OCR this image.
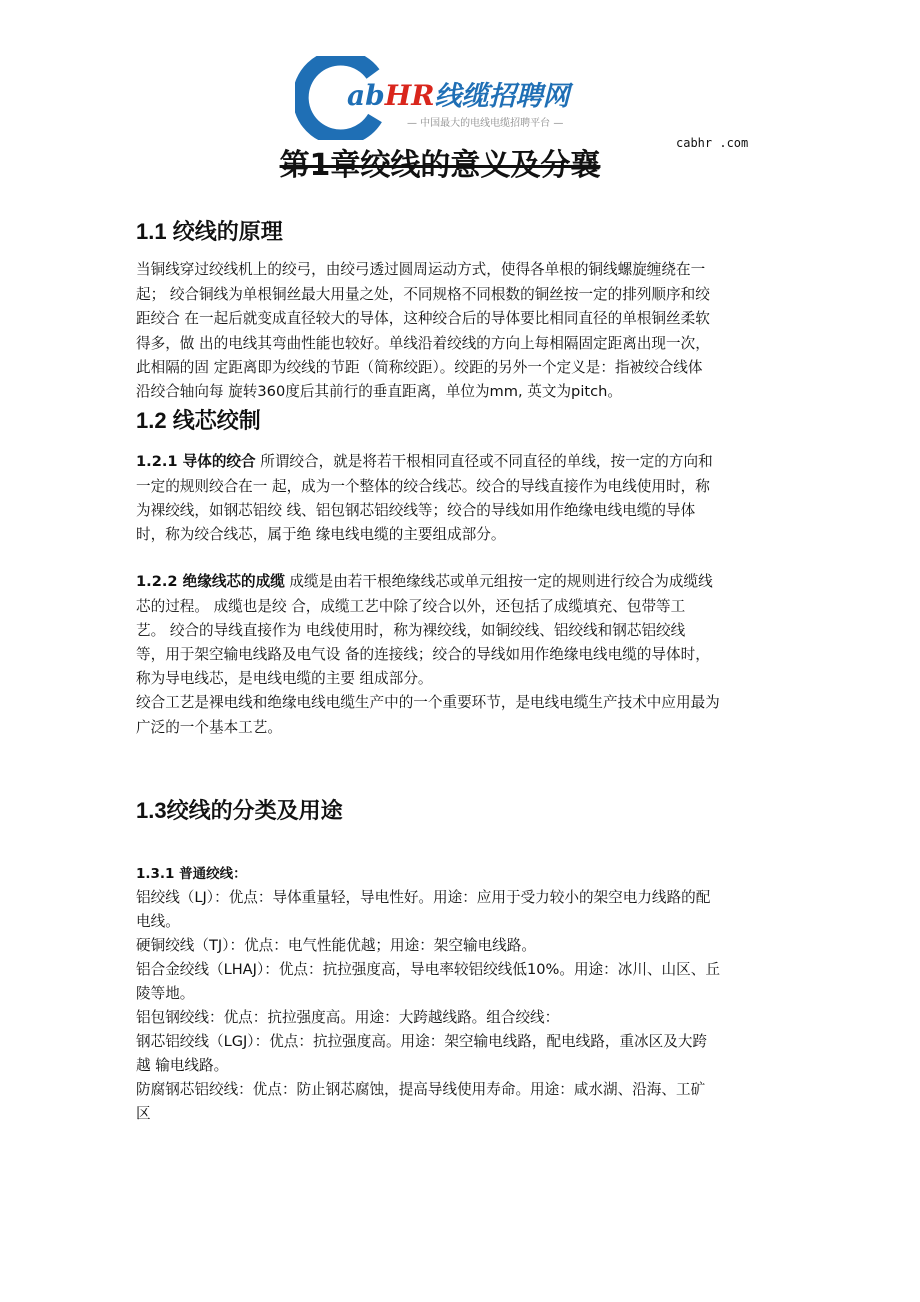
abHR线缆招聘网
— 中国最大的电线电缆招聘平台 —
cabhr .com
第1章绞线的意义及分襄
1.1 绞线的原理
当铜线穿过绞线机上的绞弓，由绞弓透过圆周运动方式，使得各单根的铜线螺旋缠绕在一
起； 绞合铜线为单根铜丝最大用量之处，不同规格不同根数的铜丝按一定的排列顺序和绞
距绞合 在一起后就变成直径较大的导体，这种绞合后的导体要比相同直径的单根铜丝柔软
得多，做 出的电线其弯曲性能也较好。单线沿着绞线的方向上每相隔固定距离出现一次，
此相隔的固 定距离即为绞线的节距（简称绞距）。绞距的另外一个定义是：指被绞合线体
沿绞合轴向每 旋转360度后其前行的垂直距离，单位为mm, 英文为pitch。
1.2 线芯绞制
1.2.1 导体的绞合 所谓绞合，就是将若干根相同直径或不同直径的单线，按一定的方向和
一定的规则绞合在一 起，成为一个整体的绞合线芯。绞合的导线直接作为电线使用时，称
为裸绞线，如钢芯铝绞 线、铝包钢芯铝绞线等；绞合的导线如用作绝缘电线电缆的导体
时，称为绞合线芯，属于绝 缘电线电缆的主要组成部分。
1.2.2 绝缘线芯的成缆 成缆是由若干根绝缘线芯或单元组按一定的规则进行绞合为成缆线
芯的过程。 成缆也是绞 合，成缆工艺中除了绞合以外，还包括了成缆填充、包带等工
艺。 绞合的导线直接作为 电线使用时，称为裸绞线，如铜绞线、铝绞线和钢芯铝绞线
等，用于架空输电线路及电气设 备的连接线；绞合的导线如用作绝缘电线电缆的导体时，
称为导电线芯，是电线电缆的主要 组成部分。
绞合工艺是裸电线和绝缘电线电缆生产中的一个重要环节，是电线电缆生产技术中应用最为
广泛的一个基本工艺。
1.3绞线的分类及用途
1.3.1 普通绞线：
铝绞线（LJ）：优点：导体重量轻，导电性好。用途：应用于受力较小的架空电力线路的配
电线。
硬铜绞线（TJ）：优点：电气性能优越；用途：架空输电线路。
铝合金绞线（LHAJ）：优点：抗拉强度高，导电率较铝绞线低10%。用途：冰川、山区、丘
陵等地。
铝包钢绞线：优点：抗拉强度高。用途：大跨越线路。组合绞线：
钢芯铝绞线（LGJ）：优点：抗拉强度高。用途：架空输电线路，配电线路，重冰区及大跨
越 输电线路。
防腐钢芯铝绞线：优点：防止钢芯腐蚀，提高导线使用寿命。用途：咸水湖、沿海、工矿
区
